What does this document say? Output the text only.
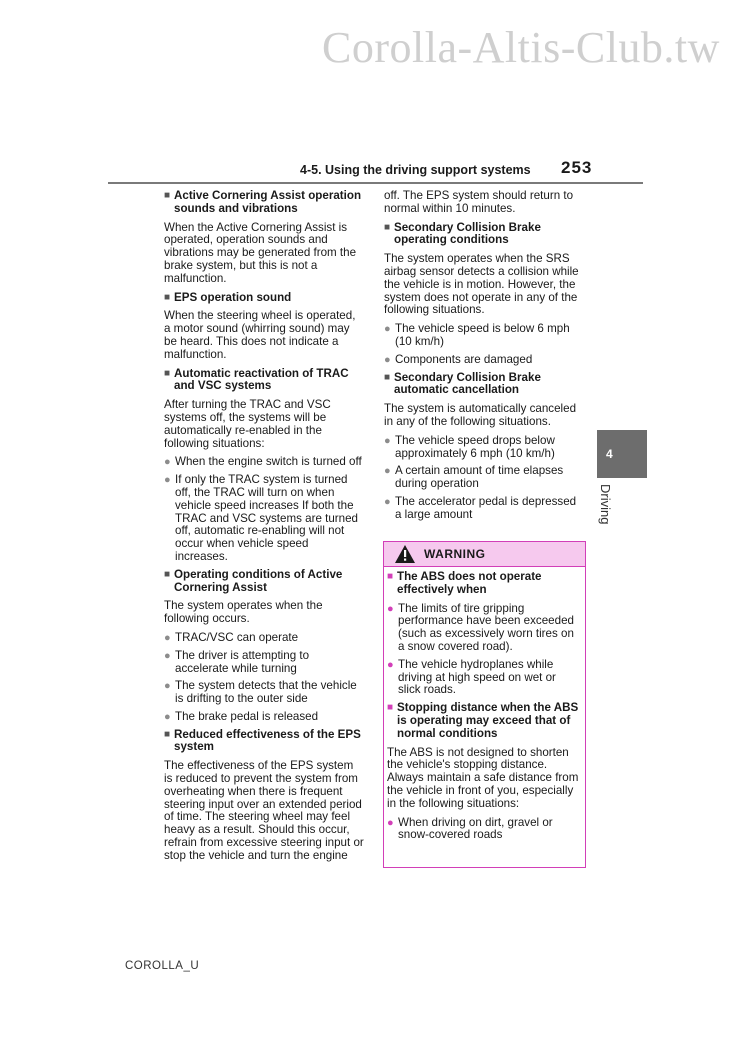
Corolla-Altis-Club.tw
4-5. Using the driving support systems 253
■ Active Cornering Assist operation sounds and vibrations
When the Active Cornering Assist is operated, operation sounds and vibrations may be generated from the brake system, but this is not a malfunction.
■ EPS operation sound
When the steering wheel is operated, a motor sound (whirring sound) may be heard. This does not indicate a malfunction.
■ Automatic reactivation of TRAC and VSC systems
After turning the TRAC and VSC systems off, the systems will be automatically re-enabled in the following situations:
● When the engine switch is turned off
● If only the TRAC system is turned off, the TRAC will turn on when vehicle speed increases If both the TRAC and VSC systems are turned off, automatic re-enabling will not occur when vehicle speed increases.
■ Operating conditions of Active Cornering Assist
The system operates when the following occurs.
● TRAC/VSC can operate
● The driver is attempting to accelerate while turning
● The system detects that the vehicle is drifting to the outer side
● The brake pedal is released
■ Reduced effectiveness of the EPS system
The effectiveness of the EPS system is reduced to prevent the system from overheating when there is frequent steering input over an extended period of time. The steering wheel may feel heavy as a result. Should this occur, refrain from excessive steering input or stop the vehicle and turn the engine
off. The EPS system should return to normal within 10 minutes.
■ Secondary Collision Brake operating conditions
The system operates when the SRS airbag sensor detects a collision while the vehicle is in motion. However, the system does not operate in any of the following situations.
● The vehicle speed is below 6 mph (10 km/h)
● Components are damaged
■ Secondary Collision Brake automatic cancellation
The system is automatically canceled in any of the following situations.
● The vehicle speed drops below approximately 6 mph (10 km/h)
● A certain amount of time elapses during operation
● The accelerator pedal is depressed a large amount
WARNING
■ The ABS does not operate effectively when
● The limits of tire gripping performance have been exceeded (such as excessively worn tires on a snow covered road).
● The vehicle hydroplanes while driving at high speed on wet or slick roads.
■ Stopping distance when the ABS is operating may exceed that of normal conditions
The ABS is not designed to shorten the vehicle's stopping distance. Always maintain a safe distance from the vehicle in front of you, especially in the following situations:
● When driving on dirt, gravel or snow-covered roads
4
Driving
COROLLA_U
